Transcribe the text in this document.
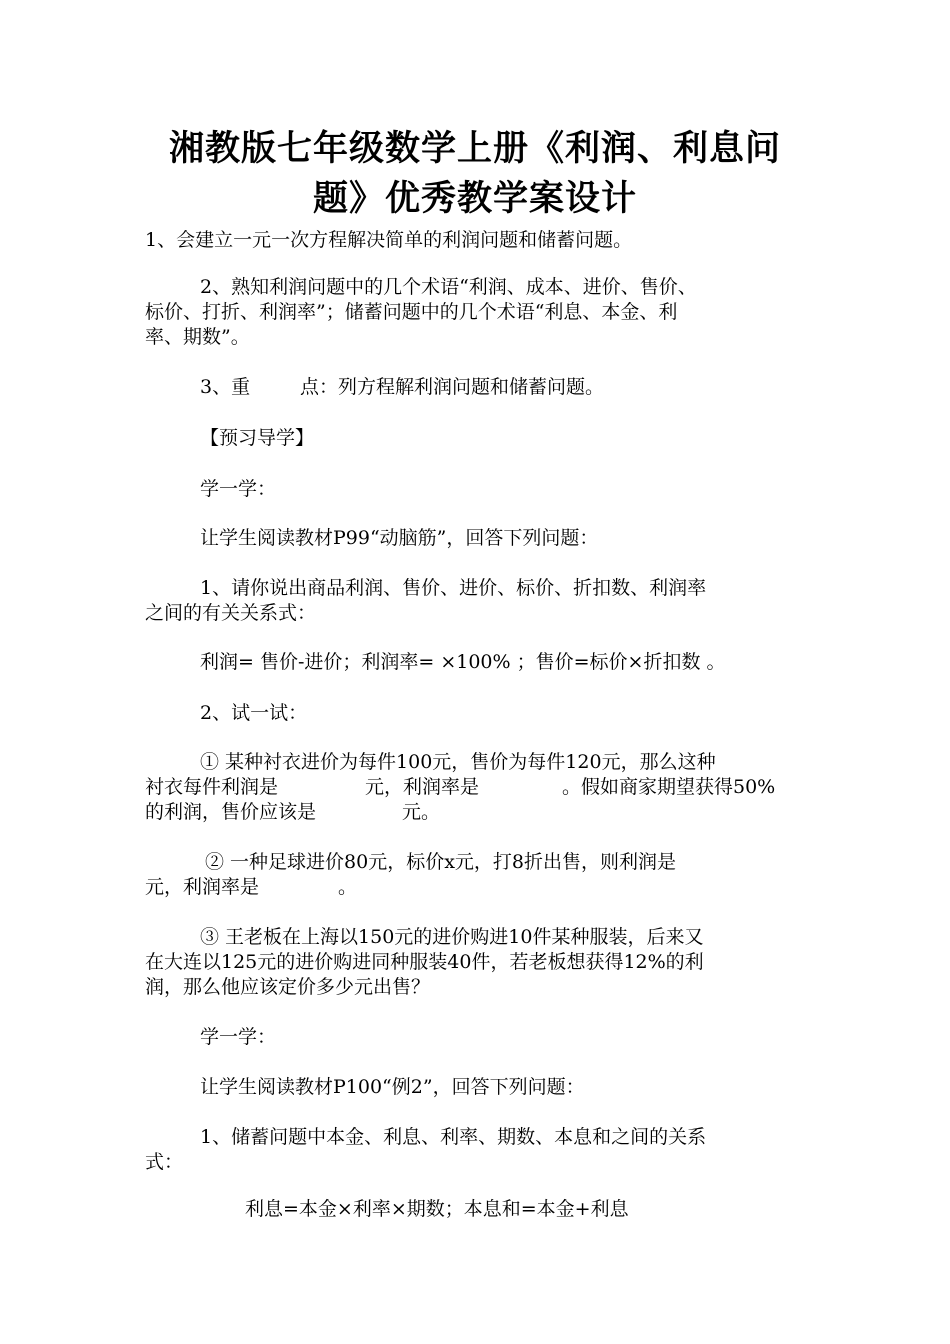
湘教版七年级数学上册《利润、利息问
题》优秀教学案设计
1、会建立一元一次方程解决简单的利润问题和储蓄问题。
2、熟知利润问题中的几个术语“利润、成本、进价、售价、
标价、打折、利润率”；储蓄问题中的几个术语“利息、本金、利
率、期数”。
3、重	点：列方程解利润问题和储蓄问题。
【预习导学】
学一学：
让学生阅读教材P99“动脑筋”，回答下列问题：
1、请你说出商品利润、售价、进价、标价、折扣数、利润率
之间的有关关系式：
利润= 售价-进价；利润率= ×100% ；售价=标价×折扣数 。
2、试一试：
① 某种衬衣进价为每件100元，售价为每件120元，那么这种
衬衣每件利润是	元，利润率是	。假如商家期望获得50%
的利润，售价应该是	元。
② 一种足球进价80元，标价x元，打8折出售，则利润是
元，利润率是	。
③ 王老板在上海以150元的进价购进10件某种服装，后来又
在大连以125元的进价购进同种服装40件，若老板想获得12%的利
润，那么他应该定价多少元出售？
学一学：
让学生阅读教材P100“例2”，回答下列问题：
1、储蓄问题中本金、利息、利率、期数、本息和之间的关系
式：
利息=本金×利率×期数；本息和=本金+利息
